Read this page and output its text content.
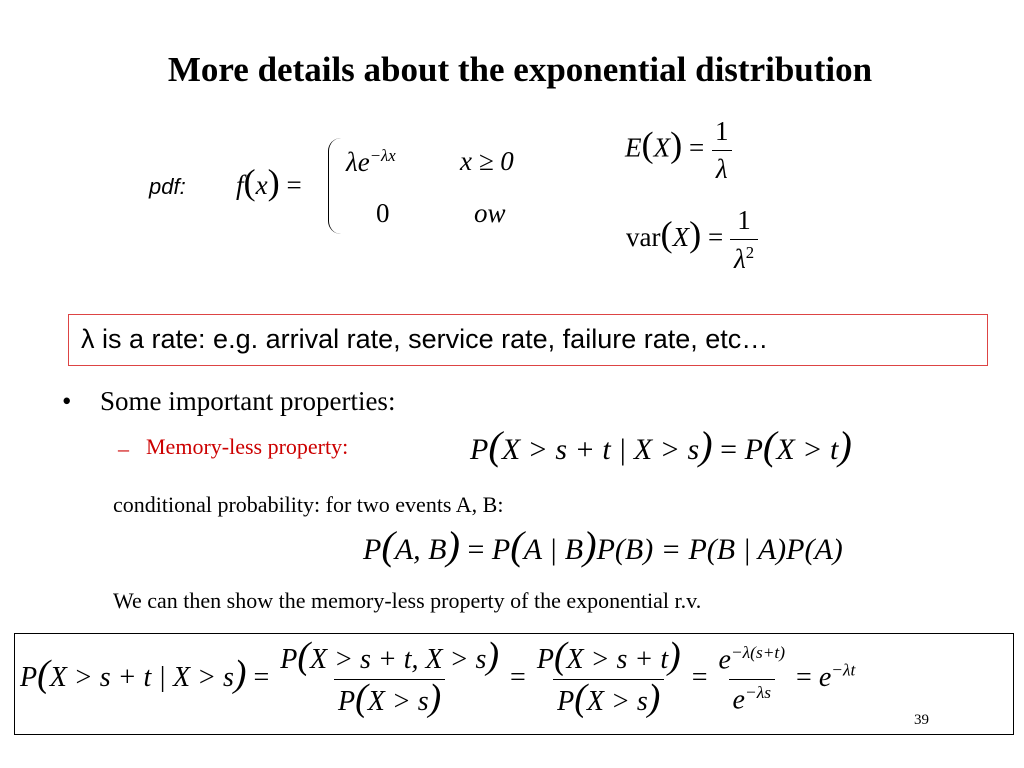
More details about the exponential distribution
pdf: f(x) =
$\lambda e^{-\lambda x}$ x ≥ 0
0	ow
$E(X) = \frac{1}{\lambda}$
$var(X) = \frac{1}{\lambda^2}$
λ is a rate: e.g. arrival rate, service rate, failure rate, etc…
• Some important properties:
– Memory-less property:	P(X > s + t | X > s) = P(X > t)
conditional probability: for two events A, B:
P(A, B) = P(A | B)P(B) = P(B | A)P(A)
We can then show the memory-less property of the exponential r.v.
P(X > s + t | $X > s) = \frac{P(X > s + t, X > s)}{P(X > s)} = \frac{P(X > s + t)}{P(X > s)} = \frac{e^{-\lambda(s+t)}}{e^{-\lambda s}} = e^{-\lambda t}$
39
